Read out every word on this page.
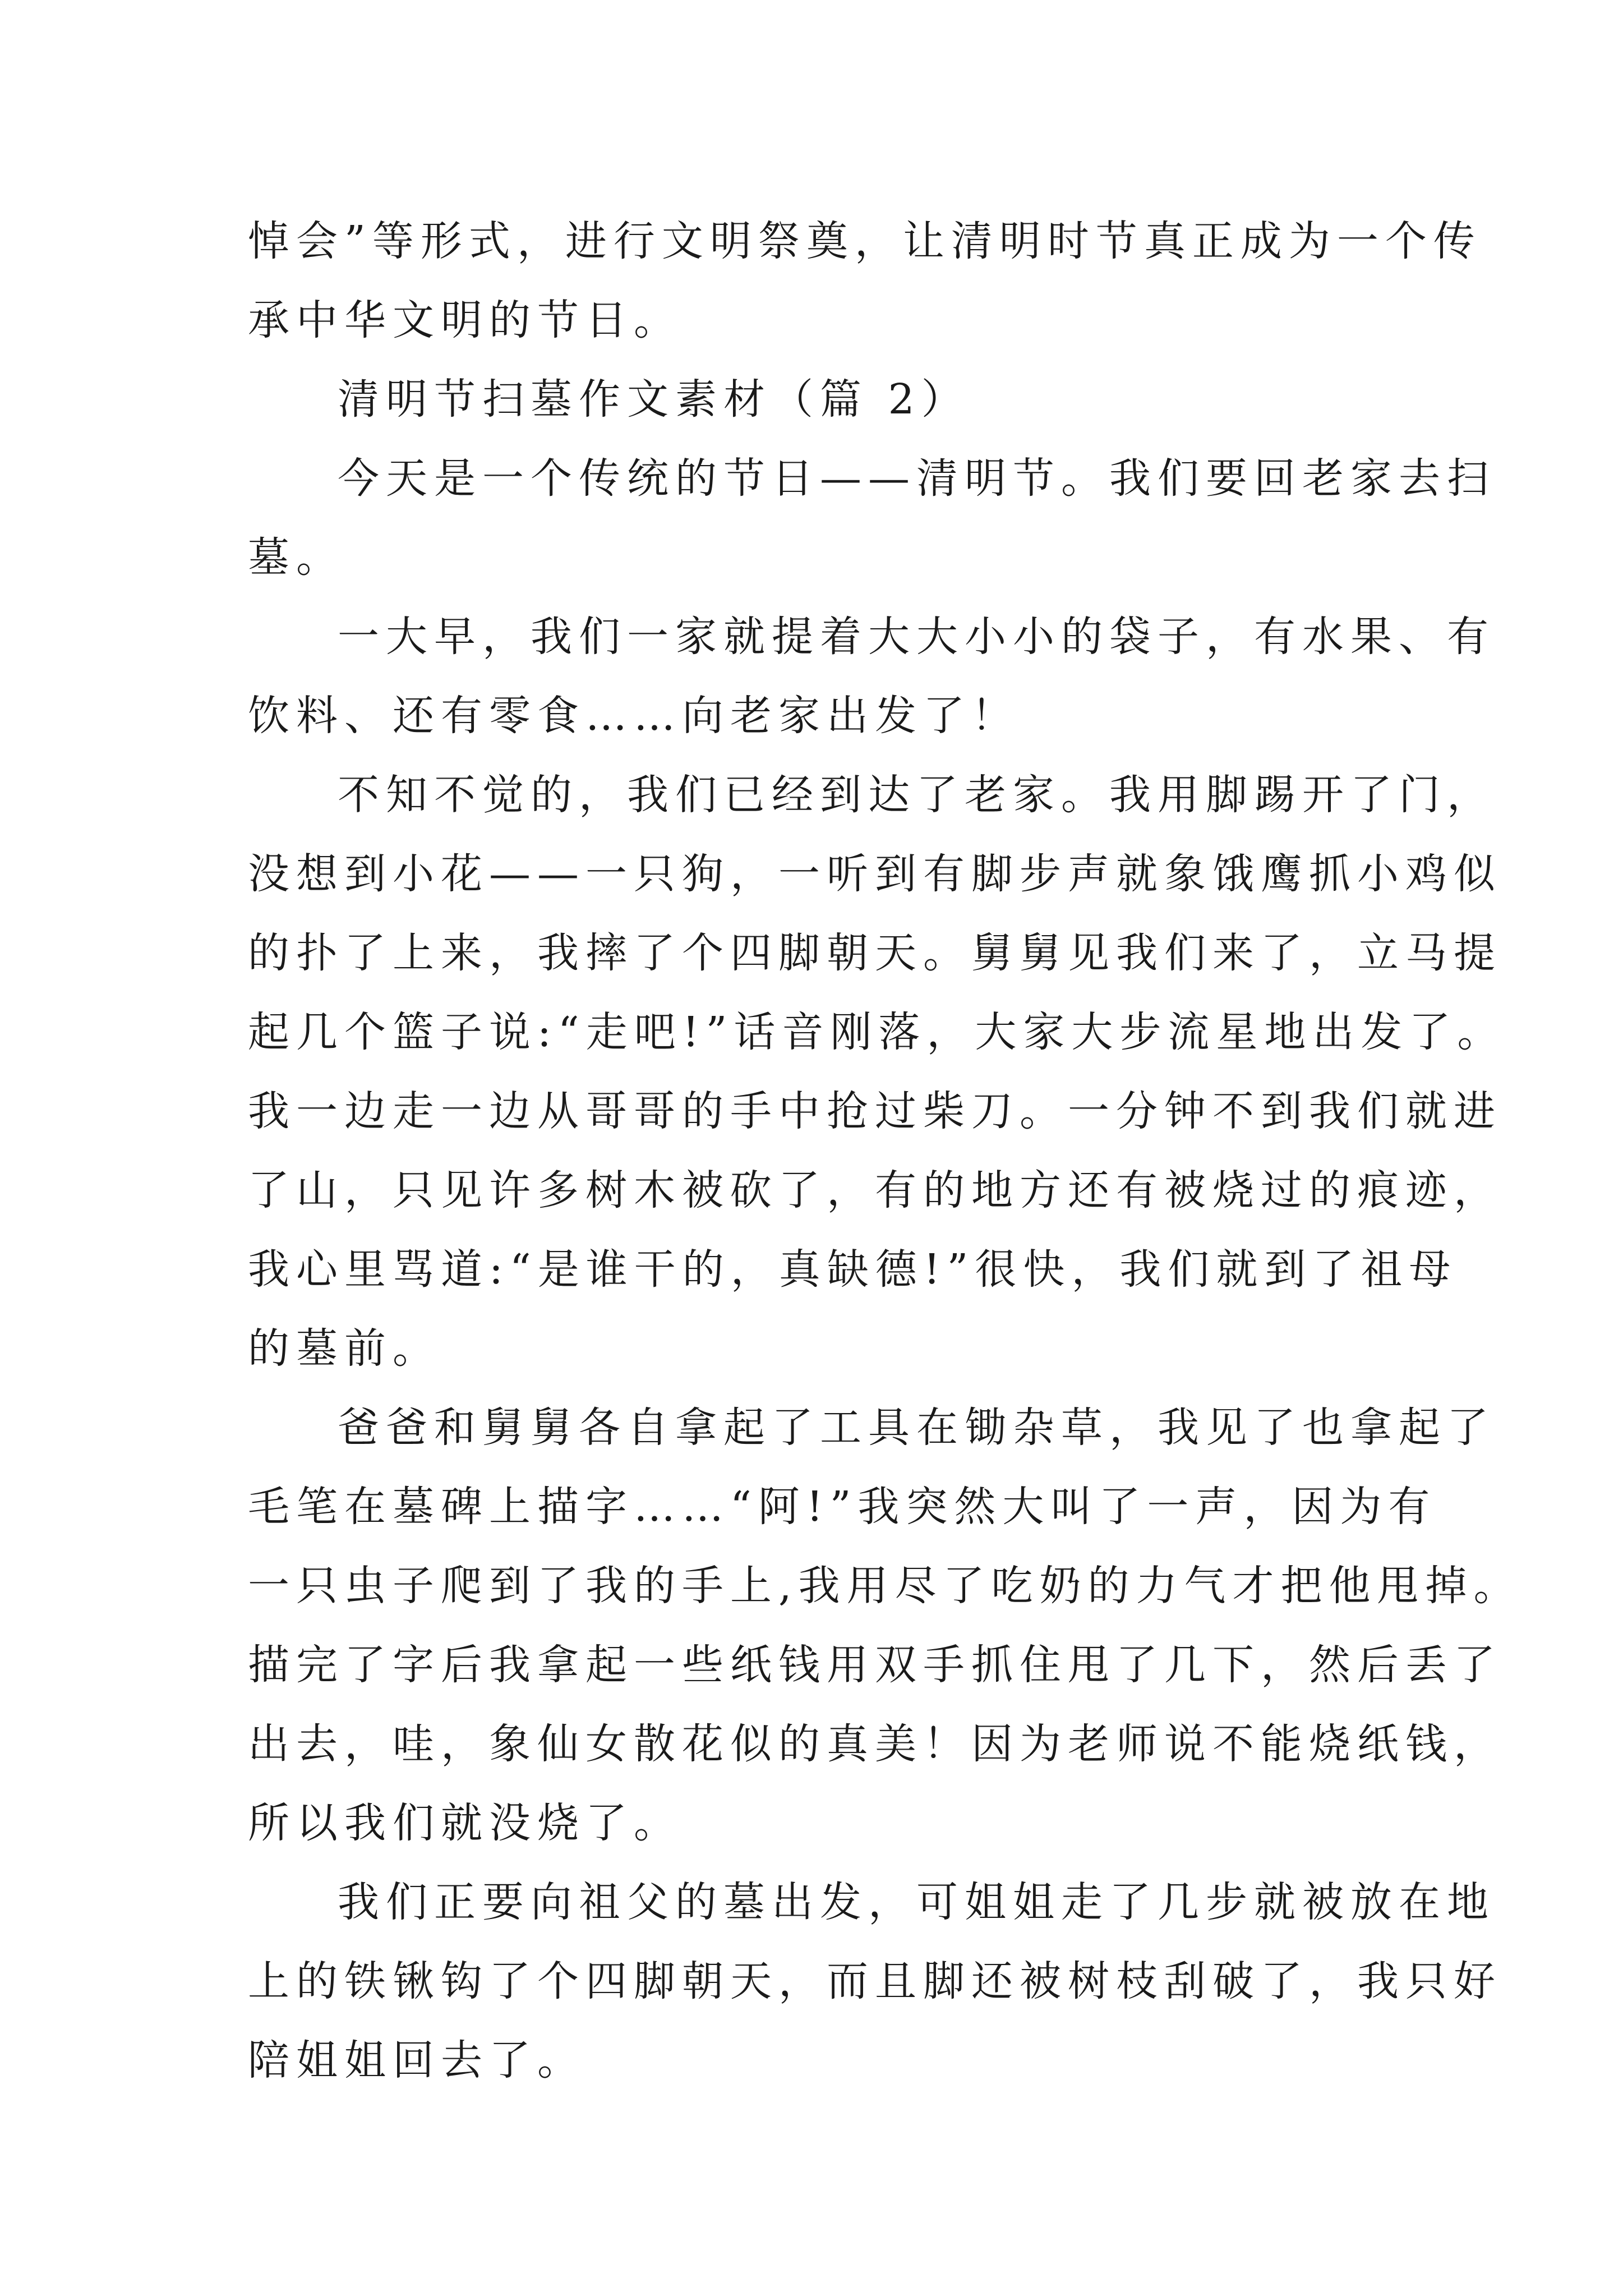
悼会”等形式，进行文明祭奠，让清明时节真正成为一个传
承中华文明的节日。
清明节扫墓作文素材（篇 2）
今天是一个传统的节日——清明节。我们要回老家去扫
墓。
一大早，我们一家就提着大大小小的袋子，有水果、有
饮料、还有零食……向老家出发了！
不知不觉的，我们已经到达了老家。我用脚踢开了门，
没想到小花——一只狗，一听到有脚步声就象饿鹰抓小鸡似
的扑了上来，我摔了个四脚朝天。舅舅见我们来了，立马提
起几个篮子说:“走吧!”话音刚落，大家大步流星地出发了。
我一边走一边从哥哥的手中抢过柴刀。一分钟不到我们就进
了山，只见许多树木被砍了，有的地方还有被烧过的痕迹，
我心里骂道:“是谁干的，真缺德!”很快，我们就到了祖母
的墓前。
爸爸和舅舅各自拿起了工具在锄杂草，我见了也拿起了
毛笔在墓碑上描字……“阿!”我突然大叫了一声，因为有
一只虫子爬到了我的手上,我用尽了吃奶的力气才把他甩掉。
描完了字后我拿起一些纸钱用双手抓住甩了几下，然后丢了
出去，哇，象仙女散花似的真美！因为老师说不能烧纸钱，
所以我们就没烧了。
我们正要向祖父的墓出发，可姐姐走了几步就被放在地
上的铁锹钩了个四脚朝天，而且脚还被树枝刮破了，我只好
陪姐姐回去了。
